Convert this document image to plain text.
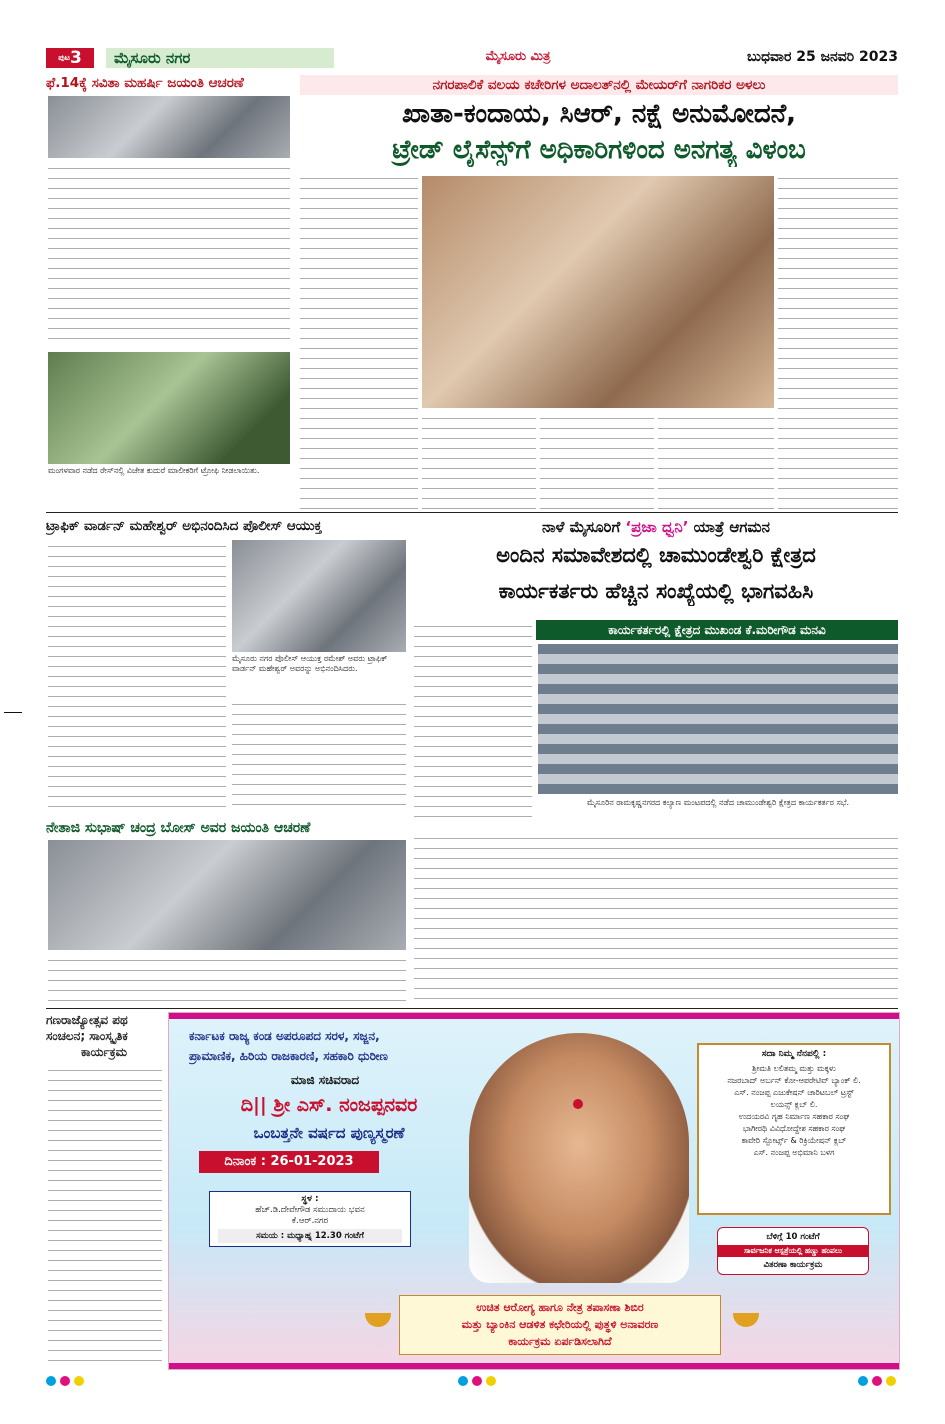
$^{ಪುಟ}$3	ಮೈಸೂರು ನಗರ	ಮೈಸೂರು ಮಿತ್ರ	ಬುಧವಾರ 25 ಜನವರಿ 2023
ಫೆ.14ಕ್ಕೆ ಸವಿತಾ ಮಹರ್ಷಿ ಜಯಂತಿ ಆಚರಣೆ
ಮಂಗಳವಾರ ನಡೆದ ರೇಸ್‌ನಲ್ಲಿ ವಿಜೇತ ಕುದುರೆ ಮಾಲೀಕರಿಗೆ ಟ್ರೋಫಿ ನೀಡಲಾಯಿತು.
ನಗರಪಾಲಿಕೆ ವಲಯ ಕಚೇರಿಗಳ ಅದಾಲತ್‌ನಲ್ಲಿ ಮೇಯರ್‌ಗೆ ನಾಗರಿಕರ ಅಳಲು
ಖಾತಾ-ಕಂದಾಯ, ಸಿಆರ್, ನಕ್ಷೆ ಅನುಮೋದನೆ,
ಟ್ರೇಡ್ ಲೈಸೆನ್ಸ್‌ಗೆ ಅಧಿಕಾರಿಗಳಿಂದ ಅನಗತ್ಯ ವಿಳಂಬ
ಟ್ರಾಫಿಕ್ ವಾರ್ಡನ್ ಮಹೇಶ್ವರ್ ಅಭಿನಂದಿಸಿದ ಪೊಲೀಸ್ ಆಯುಕ್ತ
ಮೈಸೂರು ನಗರ ಪೊಲೀಸ್ ಆಯುಕ್ತ ರಮೇಶ್ ಅವರು ಟ್ರಾಫಿಕ್ ವಾರ್ಡನ್ ಮಹೇಶ್ವರ್ ಅವರನ್ನು ಅಭಿನಂದಿಸಿದರು.
ನಾಳೆ ಮೈಸೂರಿಗೆ ‘ಪ್ರಜಾ ಧ್ವನಿ’ ಯಾತ್ರೆ ಆಗಮನ
ಅಂದಿನ ಸಮಾವೇಶದಲ್ಲಿ ಚಾಮುಂಡೇಶ್ವರಿ ಕ್ಷೇತ್ರದ
ಕಾರ್ಯಕರ್ತರು ಹೆಚ್ಚಿನ ಸಂಖ್ಯೆಯಲ್ಲಿ ಭಾಗವಹಿಸಿ
ಕಾರ್ಯಕರ್ತರಲ್ಲಿ ಕ್ಷೇತ್ರದ ಮುಖಂಡ ಕೆ.ಮರೀಗೌಡ ಮನವಿ
ಮೈಸೂರಿನ ರಾಮಕೃಷ್ಣನಗರದ ಕಲ್ಯಾಣ ಮಂಟಪದಲ್ಲಿ ನಡೆದ ಚಾಮುಂಡೇಶ್ವರಿ ಕ್ಷೇತ್ರದ ಕಾರ್ಯಕರ್ತರ ಸಭೆ.
ನೇತಾಜಿ ಸುಭಾಷ್ ಚಂದ್ರ ಬೋಸ್ ಅವರ ಜಯಂತಿ ಆಚರಣೆ
ಗಣರಾಜ್ಯೋತ್ಸವ ಪಥ
ಸಂಚಲನ; ಸಾಂಸ್ಕೃತಿಕ
ಕಾರ್ಯಕ್ರಮ
ಕರ್ನಾಟಕ ರಾಜ್ಯ ಕಂಡ ಅಪರೂಪದ ಸರಳ, ಸಜ್ಜನ,
ಪ್ರಾಮಾಣಿಕ, ಹಿರಿಯ ರಾಜಕಾರಣಿ, ಸಹಕಾರಿ ಧುರೀಣ
ಮಾಜಿ ಸಚಿವರಾದ
ದಿ|| ಶ್ರೀ ಎಸ್. ನಂಜಪ್ಪನವರ
ಒಂಬತ್ತನೇ ವರ್ಷದ ಪುಣ್ಯಸ್ಮರಣೆ
ದಿನಾಂಕ : 26-01-2023
ಸ್ಥಳ :
ಹೆಚ್.ಡಿ.ದೇವೇಗೌಡ ಸಮುದಾಯ ಭವನ
ಕೆ.ಆರ್.ನಗರ
ಸಮಯ : ಮಧ್ಯಾಹ್ನ 12.30 ಗಂಟೆಗೆ
ಸದಾ ನಿಮ್ಮ ನೆನಪಲ್ಲಿ :
ಶ್ರೀಮತಿ ಲಲಿತಮ್ಮ ಮತ್ತು ಮಕ್ಕಳು
ನಜರಬಾದ್ ಅರ್ಬನ್ ಕೋ-ಆಪರೇಟಿವ್ ಬ್ಯಾಂಕ್ ಲಿ.
ಎಸ್. ನಂಜಪ್ಪ ಎಜುಕೇಷನ್ ಚಾರಿಟಬಲ್ ಟ್ರಸ್ಟ್
ಲಯನ್ಸ್ ಕ್ಲಬ್ ಲಿ.
ಉದಯರವಿ ಗೃಹ ನಿರ್ಮಾಣ ಸಹಕಾರ ಸಂಘ
ಭಾಗೀರಥಿ ವಿವಿಧೋದ್ದೇಶ ಸಹಕಾರ ಸಂಘ
ಕಾವೇರಿ ಸ್ಪೋರ್ಟ್ಸ್ & ರಿಕ್ರಿಯೇಷನ್ ಕ್ಲಬ್
ಎಸ್. ನಂಜಪ್ಪ ಅಭಿಮಾನಿ ಬಳಗ
ಬೆಳಿಗ್ಗೆ 10 ಗಂಟೆಗೆ
ಸಾರ್ವಜನಿಕ ಆಸ್ಪತ್ರೆಯಲ್ಲಿ ಹಣ್ಣು ಹಂಪಲು
ವಿತರಣಾ ಕಾರ್ಯಕ್ರಮ
ಉಚಿತ ಆರೋಗ್ಯ ಹಾಗೂ ನೇತ್ರ ತಪಾಸಣಾ ಶಿಬಿರ
ಮತ್ತು ಬ್ಯಾಂಕಿನ ಆಡಳಿತ ಕಛೇರಿಯಲ್ಲಿ ಪುತ್ಥಳಿ ಅನಾವರಣ
ಕಾರ್ಯಕ್ರಮ ಏರ್ಪಡಿಸಲಾಗಿದೆ
